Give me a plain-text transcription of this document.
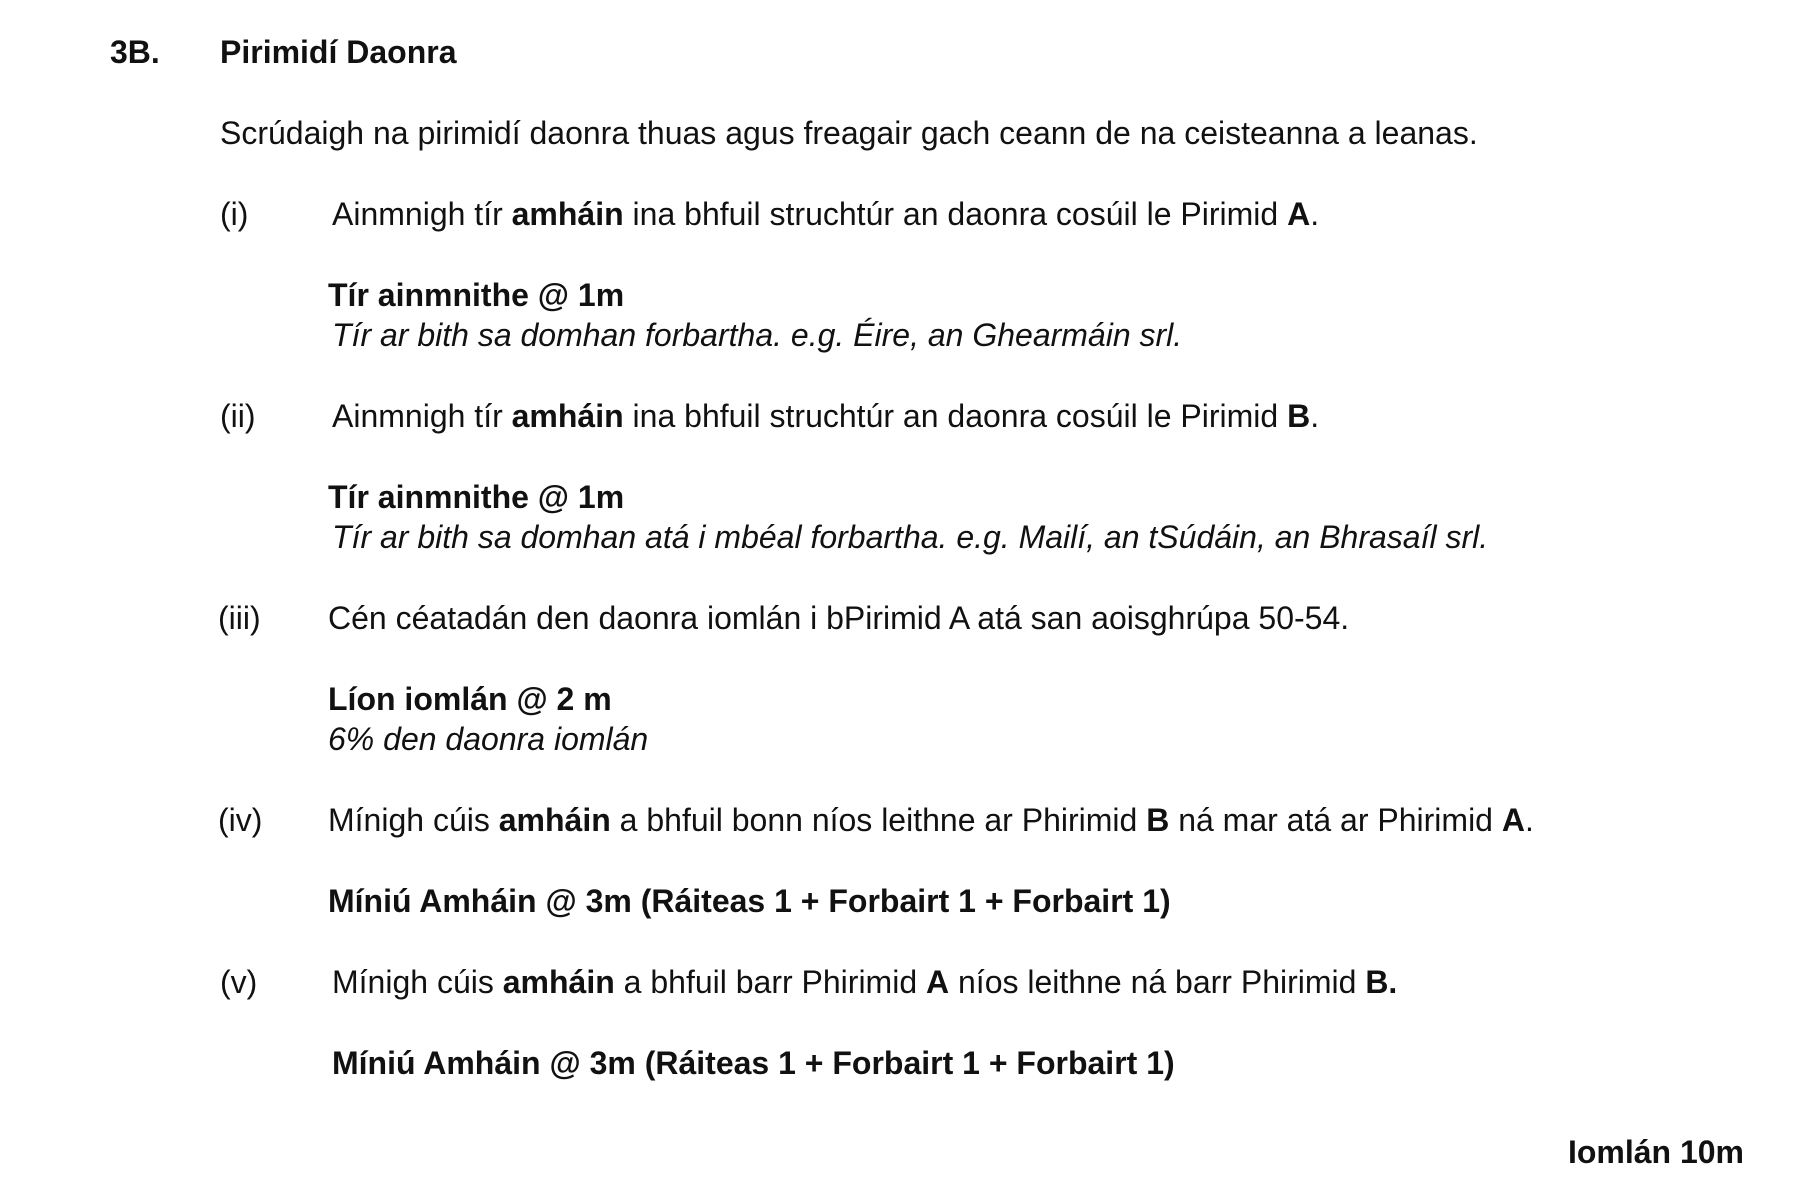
3B. Pirimidí Daonra
Scrúdaigh na pirimidí daonra thuas agus freagair gach ceann de na ceisteanna a leanas.
(i)	Ainmnigh tír amháin ina bhfuil struchtúr an daonra cosúil le Pirimid A.
Tír ainmnithe @ 1m
Tír ar bith sa domhan forbartha. e.g. Éire, an Ghearmáin srl.
(ii) Ainmnigh tír amháin ina bhfuil struchtúr an daonra cosúil le Pirimid B.
Tír ainmnithe @ 1m
Tír ar bith sa domhan atá i mbéal forbartha. e.g. Mailí, an tSúdáin, an Bhrasaíl srl.
(iii) Cén céatadán den daonra iomlán i bPirimid A atá san aoisghrúpa 50-54.
Líon iomlán @ 2 m
6% den daonra iomlán
(iv) Mínigh cúis amháin a bhfuil bonn níos leithne ar Phirimid B ná mar atá ar Phirimid A.
Míniú Amháin @ 3m (Ráiteas 1 + Forbairt 1 + Forbairt 1)
(v) Mínigh cúis amháin a bhfuil barr Phirimid A níos leithne ná barr Phirimid B.
Míniú Amháin @ 3m (Ráiteas 1 + Forbairt 1 + Forbairt 1)
Iomlán 10m
